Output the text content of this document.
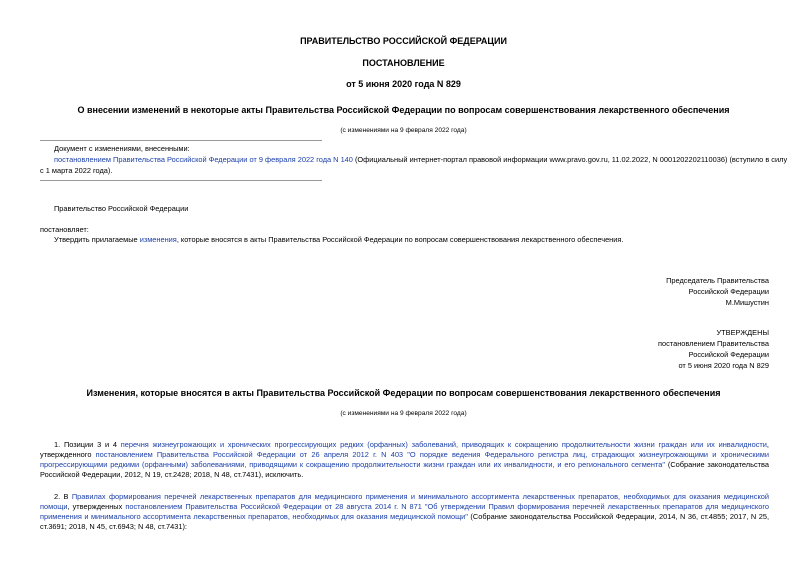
ПРАВИТЕЛЬСТВО РОССИЙСКОЙ ФЕДЕРАЦИИ
ПОСТАНОВЛЕНИЕ
от 5 июня 2020 года N 829
О внесении изменений в некоторые акты Правительства Российской Федерации по вопросам совершенствования лекарственного обеспечения
(с изменениями на 9 февраля 2022 года)
Документ с изменениями, внесенными:
постановлением Правительства Российской Федерации от 9 февраля 2022 года N 140 (Официальный интернет-портал правовой информации www.pravo.gov.ru, 11.02.2022, N 0001202202110036) (вступило в силу
с 1 марта 2022 года).
Правительство Российской Федерации
постановляет:
Утвердить прилагаемые изменения, которые вносятся в акты Правительства Российской Федерации по вопросам совершенствования лекарственного обеспечения.
Председатель Правительства
Российской Федерации
М.Мишустин
УТВЕРЖДЕНЫ
постановлением Правительства
Российской Федерации
от 5 июня 2020 года N 829
Изменения, которые вносятся в акты Правительства Российской Федерации по вопросам совершенствования лекарственного обеспечения
(с изменениями на 9 февраля 2022 года)
1. Позиции 3 и 4 перечня жизнеугрожающих и хронических прогрессирующих редких (орфанных) заболеваний, приводящих к сокращению продолжительности жизни граждан или их инвалидности, утвержденного постановлением Правительства Российской Федерации от 26 апреля 2012 г. N 403 "О порядке ведения Федерального регистра лиц, страдающих жизнеугрожающими и хроническими прогрессирующими редкими (орфанными) заболеваниями, приводящими к сокращению продолжительности жизни граждан или их инвалидности, и его регионального сегмента" (Собрание законодательства Российской Федерации, 2012, N 19, ст.2428; 2018, N 48, ст.7431), исключить.
2. В Правилах формирования перечней лекарственных препаратов для медицинского применения и минимального ассортимента лекарственных препаратов, необходимых для оказания медицинской помощи, утвержденных постановлением Правительства Российской Федерации от 28 августа 2014 г. N 871 "Об утверждении Правил формирования перечней лекарственных препаратов для медицинского применения и минимального ассортимента лекарственных препаратов, необходимых для оказания медицинской помощи" (Собрание законодательства Российской Федерации, 2014, N 36, ст.4855; 2017, N 25, ст.3691; 2018, N 45, ст.6943; N 48, ст.7431):
